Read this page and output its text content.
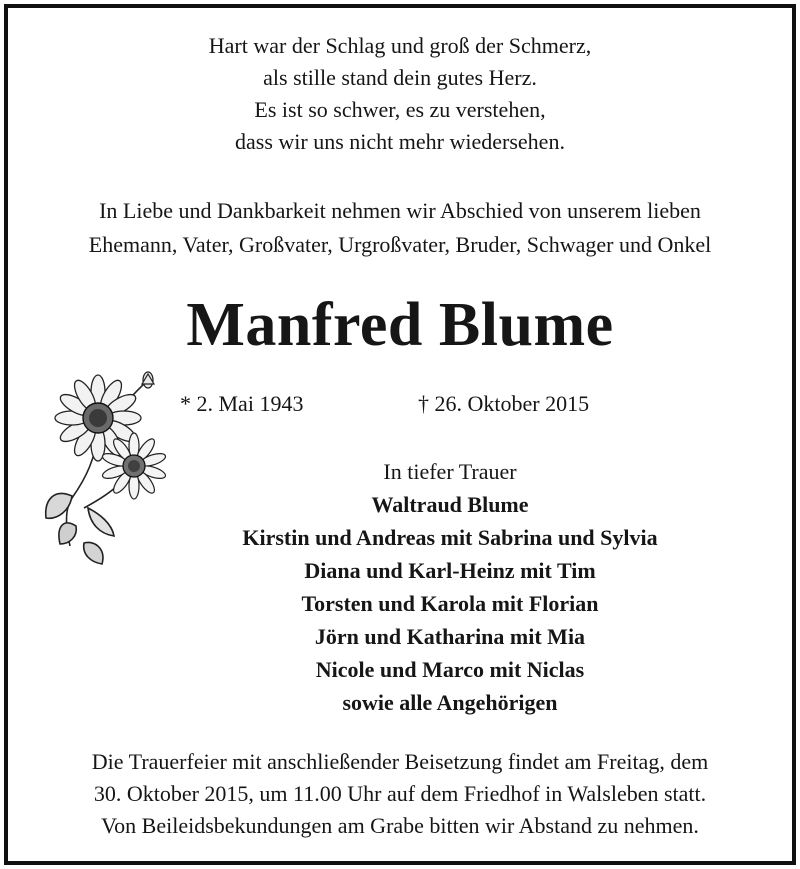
Hart war der Schlag und groß der Schmerz,
als stille stand dein gutes Herz.
Es ist so schwer, es zu verstehen,
dass wir uns nicht mehr wiedersehen.
In Liebe und Dankbarkeit nehmen wir Abschied von unserem lieben
Ehemann, Vater, Großvater, Urgroßvater, Bruder, Schwager und Onkel
Manfred Blume
* 2. Mai 1943	† 26. Oktober 2015
In tiefer Trauer
Waltraud Blume
Kirstin und Andreas mit Sabrina und Sylvia
Diana und Karl-Heinz mit Tim
Torsten und Karola mit Florian
Jörn und Katharina mit Mia
Nicole und Marco mit Niclas
sowie alle Angehörigen
Die Trauerfeier mit anschließender Beisetzung findet am Freitag, dem
30. Oktober 2015, um 11.00 Uhr auf dem Friedhof in Walsleben statt.
Von Beileidsbekundungen am Grabe bitten wir Abstand zu nehmen.
